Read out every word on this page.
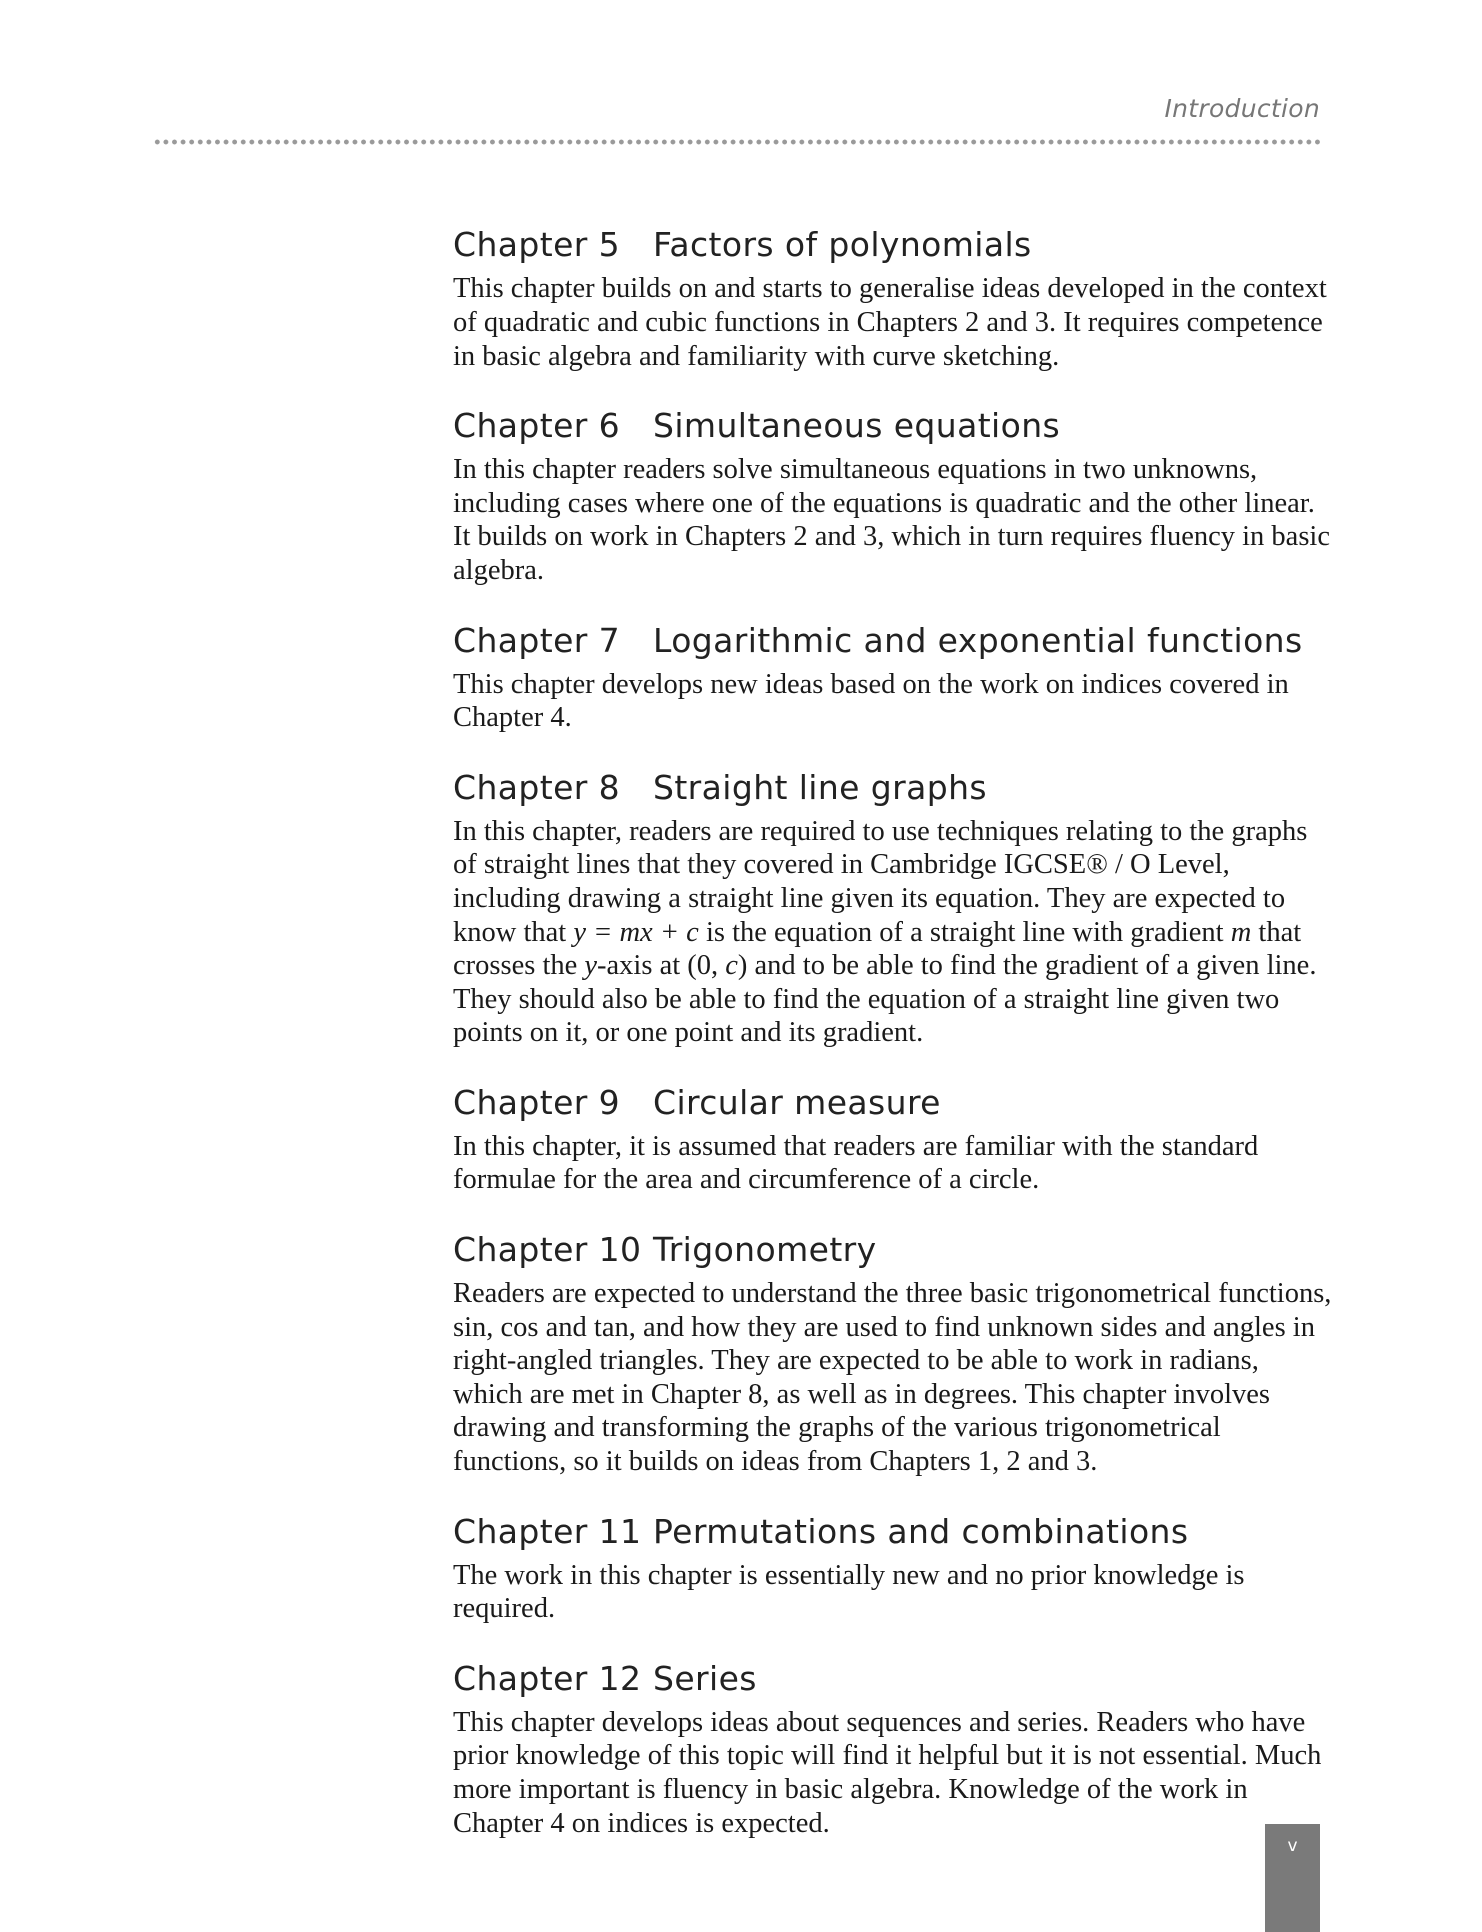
Introduction
Chapter 5 Factors of polynomials

This chapter builds on and starts to generalise ideas developed in the context of quadratic and cubic functions in Chapters 2 and 3. It requires competence in basic algebra and familiarity with curve sketching.

Chapter 6 Simultaneous equations

In this chapter readers solve simultaneous equations in two unknowns, including cases where one of the equations is quadratic and the other linear. It builds on work in Chapters 2 and 3, which in turn requires fluency in basic algebra.

Chapter 7 Logarithmic and exponential functions

This chapter develops new ideas based on the work on indices covered in Chapter 4.

Chapter 8 Straight line graphs

In this chapter, readers are required to use techniques relating to the graphs of straight lines that they covered in Cambridge IGCSE® / O Level, including drawing a straight line given its equation. They are expected to know that y = mx + c is the equation of a straight line with gradient m that crosses the y-axis at (0, c) and to be able to find the gradient of a given line. They should also be able to find the equation of a straight line given two points on it, or one point and its gradient.

Chapter 9 Circular measure

In this chapter, it is assumed that readers are familiar with the standard formulae for the area and circumference of a circle.

Chapter 10 Trigonometry

Readers are expected to understand the three basic trigonometrical functions, sin, cos and tan, and how they are used to find unknown sides and angles in right-angled triangles. They are expected to be able to work in radians, which are met in Chapter 8, as well as in degrees. This chapter involves drawing and transforming the graphs of the various trigonometrical functions, so it builds on ideas from Chapters 1, 2 and 3.

Chapter 11 Permutations and combinations

The work in this chapter is essentially new and no prior knowledge is required.

Chapter 12 Series

This chapter develops ideas about sequences and series. Readers who have prior knowledge of this topic will find it helpful but it is not essential. Much more important is fluency in basic algebra. Knowledge of the work in Chapter 4 on indices is expected.

v
